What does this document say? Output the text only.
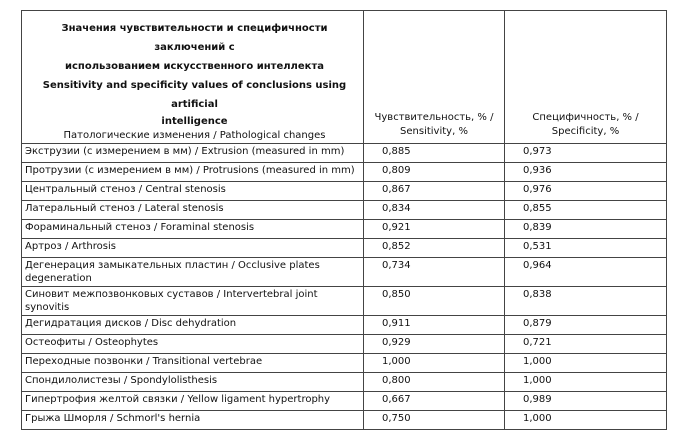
Значения чувствительности и специфичности заключений с
использованием искусственного интеллекта
Sensitivity and specificity values of conclusions using artificial
intelligence
Патологические изменения / Pathological changes	Чувствительность, % /
Sensitivity, %	Специфичность, % /
Specificity, %

Экструзии (с измерением в мм) / Extrusion (measured in mm)	0,885	0,973
Протрузии (с измерением в мм) / Protrusions (measured in mm)	0,809	0,936
Центральный стеноз / Central stenosis	0,867	0,976
Латеральный стеноз / Lateral stenosis	0,834	0,855
Фораминальный стеноз / Foraminal stenosis	0,921	0,839
Артроз / Arthrosis	0,852	0,531
Дегенерация замыкательных пластин / Occlusive plates degeneration	0,734	0,964
Синовит межпозвонковых суставов / Intervertebral joint synovitis	0,850	0,838
Дегидратация дисков / Disc dehydration	0,911	0,879
Остеофиты / Osteophytes	0,929	0,721
Переходные позвонки / Transitional vertebrae	1,000	1,000
Спондилолистезы / Spondylolisthesis	0,800	1,000
Гипертрофия желтой связки / Yellow ligament hypertrophy	0,667	0,989
Грыжа Шморля / Schmorl's hernia	0,750	1,000
